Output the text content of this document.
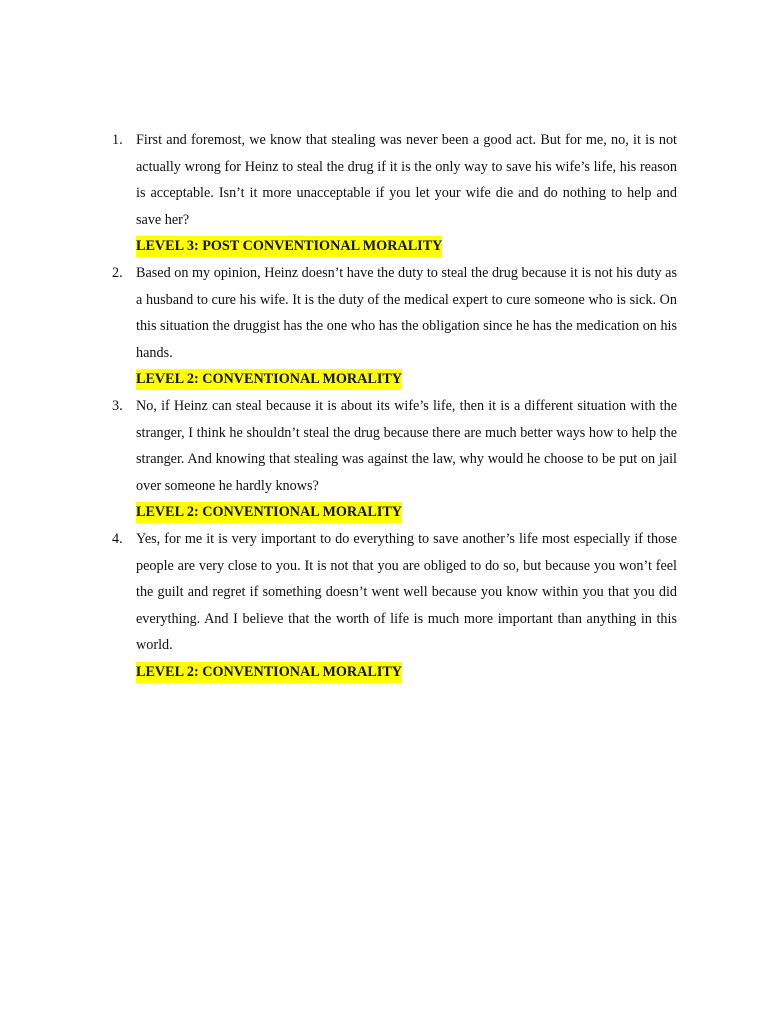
1. First and foremost, we know that stealing was never been a good act. But for me, no, it is not actually wrong for Heinz to steal the drug if it is the only way to save his wife’s life, his reason is acceptable. Isn’t it more unacceptable if you let your wife die and do nothing to help and save her?

LEVEL 3: POST CONVENTIONAL MORALITY

2. Based on my opinion, Heinz doesn’t have the duty to steal the drug because it is not his duty as a husband to cure his wife. It is the duty of the medical expert to cure someone who is sick. On this situation the druggist has the one who has the obligation since he has the medication on his hands.

LEVEL 2: CONVENTIONAL MORALITY

3. No, if Heinz can steal because it is about its wife’s life, then it is a different situation with the stranger, I think he shouldn’t steal the drug because there are much better ways how to help the stranger. And knowing that stealing was against the law, why would he choose to be put on jail over someone he hardly knows?

LEVEL 2: CONVENTIONAL MORALITY

4. Yes, for me it is very important to do everything to save another’s life most especially if those people are very close to you. It is not that you are obliged to do so, but because you won’t feel the guilt and regret if something doesn’t went well because you know within you that you did everything. And I believe that the worth of life is much more important than anything in this world.

LEVEL 2: CONVENTIONAL MORALITY
